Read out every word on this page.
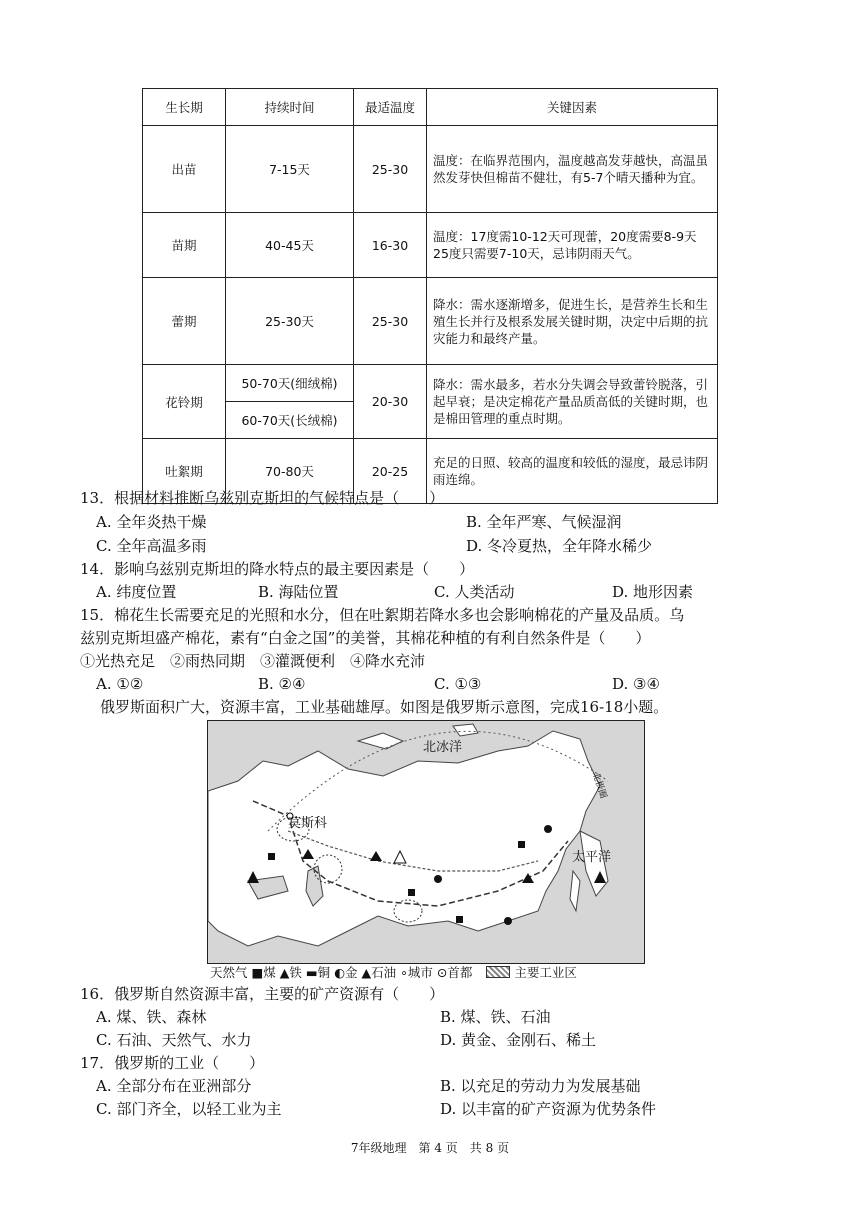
生长期	持续时间	最适温度	关键因素
出苗	7-15天	25-30	温度：在临界范围内，温度越高发芽越快，高温虽然发芽快但棉苗不健壮，有5-7个晴天播种为宜。
苗期	40-45天	16-30	温度：17度需10-12天可现蕾，20度需要8-9天25度只需要7-10天，忌讳阴雨天气。
蕾期	25-30天	25-30	降水：需水逐渐增多，促进生长，是营养生长和生殖生长并行及根系发展关键时期，决定中后期的抗灾能力和最终产量。
花铃期	50-70天(细绒棉)	20-30	降水：需水最多，若水分失调会导致蕾铃脱落，引起早衰；是决定棉花产量品质高低的关键时期，也是棉田管理的重点时期。
	60-70天(长绒棉)		
吐絮期	70-80天	20-25	充足的日照、较高的温度和较低的湿度，最忌讳阴雨连绵。
13．根据材料推断乌兹别克斯坦的气候特点是（　　）
A. 全年炎热干燥	B. 全年严寒、气候湿润
C. 全年高温多雨	D. 冬冷夏热，全年降水稀少
14．影响乌兹别克斯坦的降水特点的最主要因素是（　　）
A. 纬度位置	B. 海陆位置	C. 人类活动	D. 地形因素
15．棉花生长需要充足的光照和水分，但在吐絮期若降水多也会影响棉花的产量及品质。乌
兹别克斯坦盛产棉花，素有“白金之国”的美誉，其棉花种植的有利自然条件是（　　）
①光热充足　②雨热同期　③灌溉便利　④降水充沛
A. ①②	B. ②④	C. ①③	D. ③④
俄罗斯面积广大，资源丰富，工业基础雄厚。如图是俄罗斯示意图，完成16-18小题。
北冰洋
太平洋
莫斯科
北极圈
天然气 ■煤 ▲铁 ▬铜 ◐金 ▲石油 ∘城市 ⊙首都	主要工业区
16．俄罗斯自然资源丰富，主要的矿产资源有（　　）
A. 煤、铁、森林	B. 煤、铁、石油
C. 石油、天然气、水力	D. 黄金、金刚石、稀土
17．俄罗斯的工业（　　）
A. 全部分布在亚洲部分	B. 以充足的劳动力为发展基础
C. 部门齐全，以轻工业为主	D. 以丰富的矿产资源为优势条件
7年级地理　第 4 页　共 8 页
